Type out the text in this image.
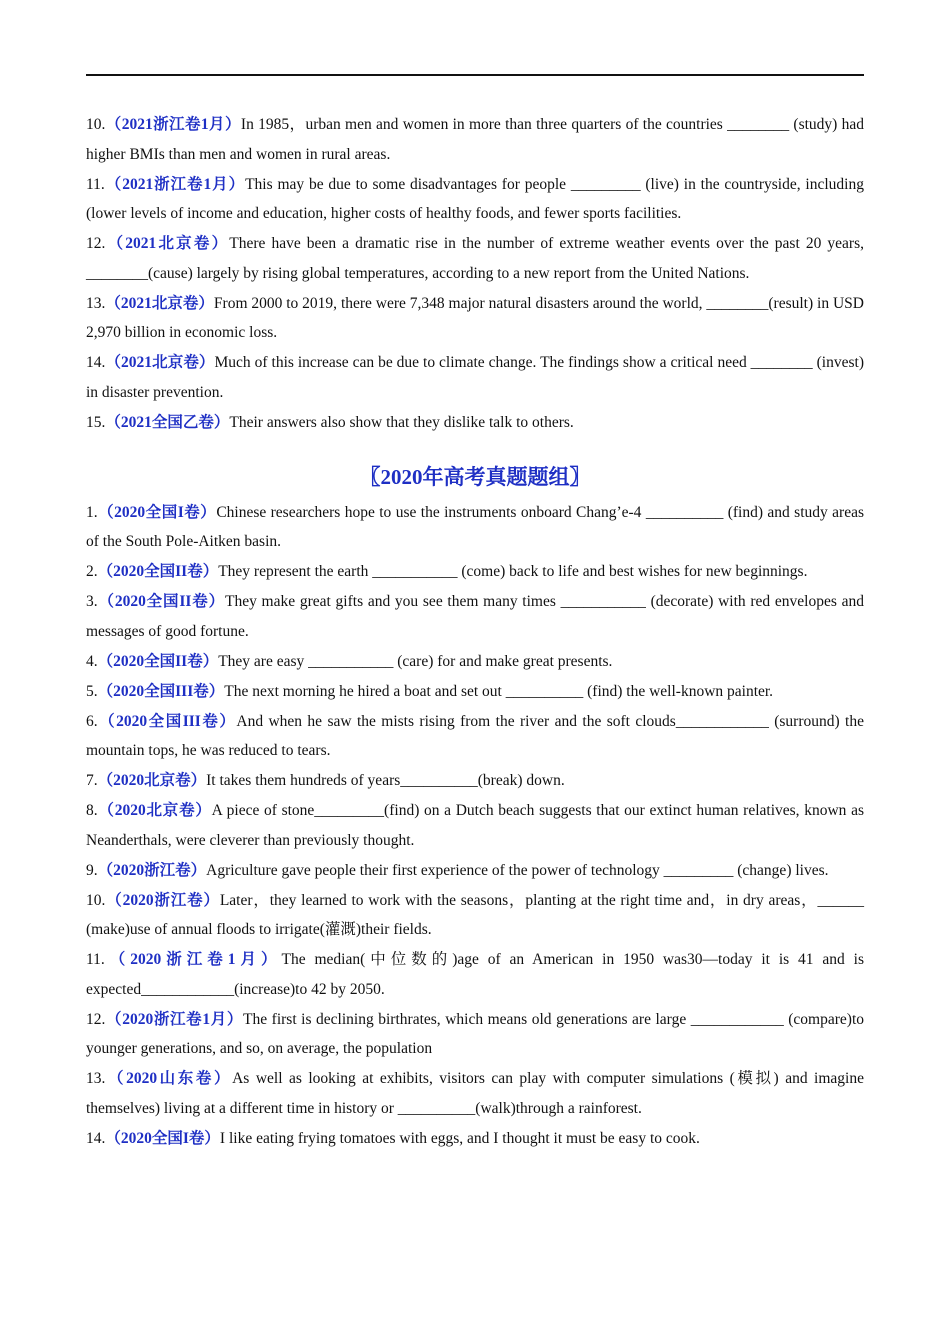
10.（2021浙江卷1月）In 1985，urban men and women in more than three quarters of the countries ________ (study) had higher BMIs than men and women in rural areas.
11.（2021浙江卷1月）This may be due to some disadvantages for people _________ (live) in the countryside, including (lower levels of income and education, higher costs of healthy foods, and fewer sports facilities.
12.（2021北京卷）There have been a dramatic rise in the number of extreme weather events over the past 20 years, ________(cause) largely by rising global temperatures, according to a new report from the United Nations.
13.（2021北京卷）From 2000 to 2019, there were 7,348 major natural disasters around the world, ________(result) in USD 2,970 billion in economic loss.
14.（2021北京卷）Much of this increase can be due to climate change. The findings show a critical need ________ (invest) in disaster prevention.
15.（2021全国乙卷）Their answers also show that they dislike talk to others.
〖2020年高考真题题组〗
1.（2020全国I卷）Chinese researchers hope to use the instruments onboard Chang’e-4 __________ (find) and study areas of the South Pole-Aitken basin.
2.（2020全国II卷）They represent the earth ___________ (come) back to life and best wishes for new beginnings.
3.（2020全国II卷）They make great gifts and you see them many times ___________ (decorate) with red envelopes and messages of good fortune.
4.（2020全国II卷）They are easy ___________ (care) for and make great presents.
5.（2020全国III卷）The next morning he hired a boat and set out __________ (find) the well-known painter.
6.（2020全国III卷）And when he saw the mists rising from the river and the soft clouds____________ (surround) the mountain tops, he was reduced to tears.
7.（2020北京卷）It takes them hundreds of years__________(break) down.
8.（2020北京卷）A piece of stone_________(find) on a Dutch beach suggests that our extinct human relatives, known as Neanderthals, were cleverer than previously thought.
9.（2020浙江卷）Agriculture gave people their first experience of the power of technology _________ (change) lives.
10.（2020浙江卷）Later，they learned to work with the seasons，planting at the right time and，in dry areas，______ (make)use of annual floods to irrigate(灌溉)their fields.
11.（2020浙江卷1月）The median(中位数的)age of an American in 1950 was30—today it is 41 and is expected____________(increase)to 42 by 2050.
12.（2020浙江卷1月）The first is declining birthrates, which means old generations are large ____________ (compare)to younger generations, and so, on average, the population
13.（2020山东卷）As well as looking at exhibits, visitors can play with computer simulations (模拟) and imagine themselves) living at a different time in history or __________(walk)through a rainforest.
14.（2020全国I卷）I like eating frying tomatoes with eggs, and I thought it must be easy to cook.
